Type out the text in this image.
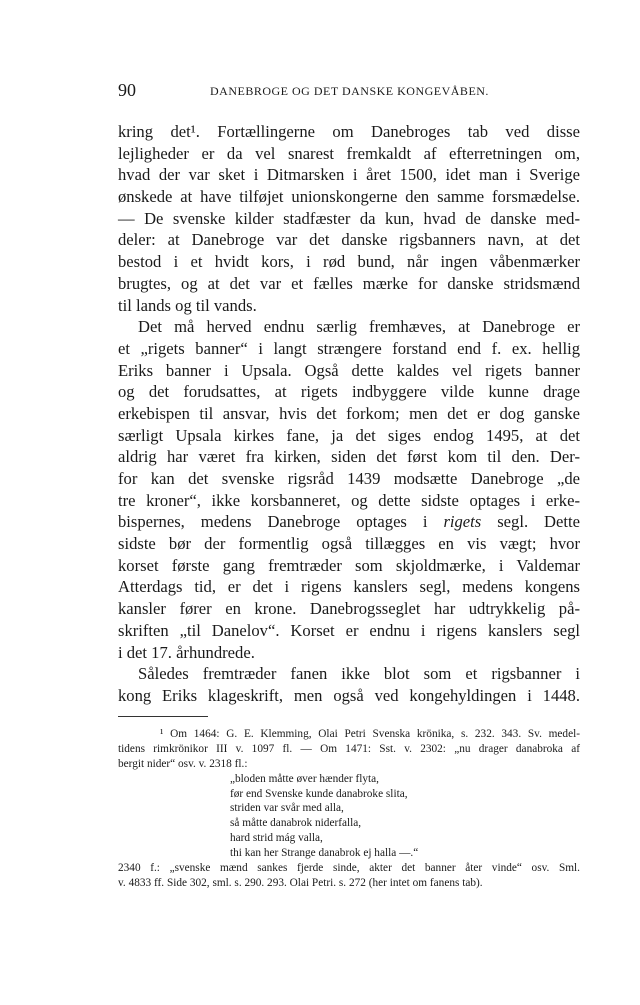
90	DANEBROGE OG DET DANSKE KONGEVÅBEN.
kring det¹. Fortællingerne om Danebroges tab ved disse
lejligheder er da vel snarest fremkaldt af efterretningen om,
hvad der var sket i Ditmarsken i året 1500, idet man i Sverige
ønskede at have tilføjet unionskongerne den samme forsmædelse.
— De svenske kilder stadfæster da kun, hvad de danske med-
deler: at Danebroge var det danske rigsbanners navn, at det
bestod i et hvidt kors, i rød bund, når ingen våbenmærker
brugtes, og at det var et fælles mærke for danske stridsmænd
til lands og til vands.
Det må herved endnu særlig fremhæves, at Danebroge er
et „rigets banner“ i langt strængere forstand end f. ex. hellig
Eriks banner i Upsala. Også dette kaldes vel rigets banner
og det forudsattes, at rigets indbyggere vilde kunne drage
erkebispen til ansvar, hvis det forkom; men det er dog ganske
særligt Upsala kirkes fane, ja det siges endog 1495, at det
aldrig har været fra kirken, siden det først kom til den. Der-
for kan det svenske rigsråd 1439 modsætte Danebroge „de
tre kroner“, ikke korsbanneret, og dette sidste optages i erke-
bispernes, medens Danebroge optages i rigets segl. Dette
sidste bør der formentlig også tillægges en vis vægt; hvor
korset første gang fremtræder som skjoldmærke, i Valdemar
Atterdags tid, er det i rigens kanslers segl, medens kongens
kansler fører en krone. Danebrogsseglet har udtrykkelig på-
skriften „til Danelov“. Korset er endnu i rigens kanslers segl
i det 17. århundrede.
Således fremtræder fanen ikke blot som et rigsbanner i
kong Eriks klageskrift, men også ved kongehyldingen i 1448.
¹ Om 1464: G. E. Klemming, Olai Petri Svenska krönika, s. 232. 343. Sv. medel-
tidens rimkrönikor III v. 1097 fl. — Om 1471: Sst. v. 2302: „nu drager danabroka af
bergit nider“ osv. v. 2318 fl.:
„bloden måtte øver hænder flyta,
før end Svenske kunde danabroke slita,
striden var svår med alla,
så måtte danabrok niderfalla,
hard strid mág valla,
thi kan her Strange danabrok ej halla —.“
2340 f.: „svenske mænd sankes fjerde sinde, akter det banner åter vinde“ osv. Sml.
v. 4833 ff. Side 302, sml. s. 290. 293. Olai Petri. s. 272 (her intet om fanens tab).
